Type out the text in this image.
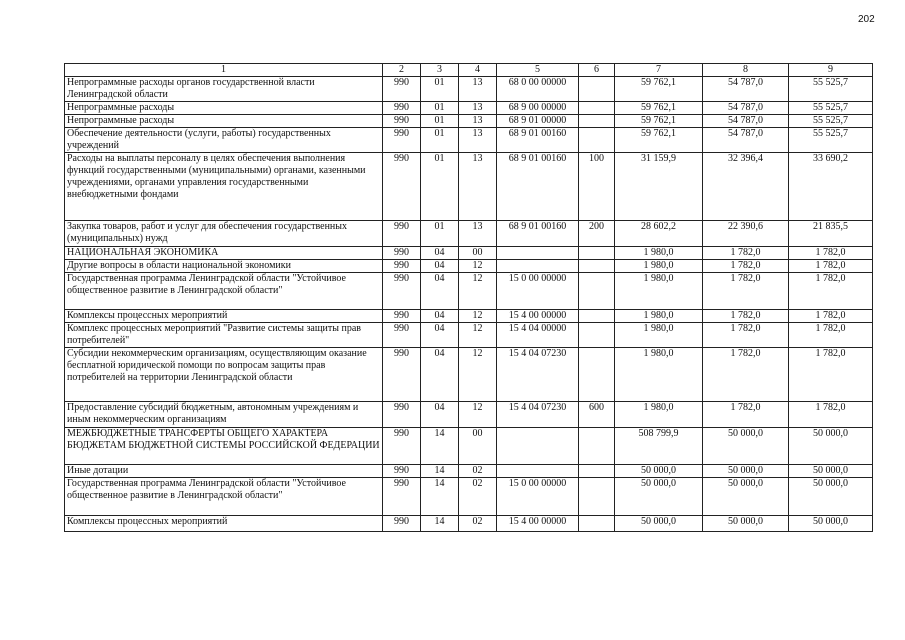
202
1	2	3	4	5	6	7	8	9
Непрограммные расходы органов государственной власти Ленинградской области	990	01	13	68 0 00 00000		59 762,1	54 787,0	55 525,7
Непрограммные расходы	990	01	13	68 9 00 00000		59 762,1	54 787,0	55 525,7
Непрограммные расходы	990	01	13	68 9 01 00000		59 762,1	54 787,0	55 525,7
Обеспечение деятельности (услуги, работы) государственных учреждений	990	01	13	68 9 01 00160		59 762,1	54 787,0	55 525,7
Расходы на выплаты персоналу в целях обеспечения выполнения функций государственными (муниципальными) органами, казенными учреждениями, органами управления государственными внебюджетными фондами	990	01	13	68 9 01 00160	100	31 159,9	32 396,4	33 690,2
Закупка товаров, работ и услуг для обеспечения государственных (муниципальных) нужд	990	01	13	68 9 01 00160	200	28 602,2	22 390,6	21 835,5
НАЦИОНАЛЬНАЯ ЭКОНОМИКА	990	04	00			1 980,0	1 782,0	1 782,0
Другие вопросы в области национальной экономики	990	04	12			1 980,0	1 782,0	1 782,0
Государственная программа Ленинградской области "Устойчивое общественное развитие в Ленинградской области"	990	04	12	15 0 00 00000		1 980,0	1 782,0	1 782,0
Комплексы процессных мероприятий	990	04	12	15 4 00 00000		1 980,0	1 782,0	1 782,0
Комплекс процессных мероприятий "Развитие системы защиты прав потребителей"	990	04	12	15 4 04 00000		1 980,0	1 782,0	1 782,0
Субсидии некоммерческим организациям, осуществляющим оказание бесплатной юридической помощи по вопросам защиты прав потребителей на территории Ленинградской области	990	04	12	15 4 04 07230		1 980,0	1 782,0	1 782,0
Предоставление субсидий бюджетным, автономным учреждениям и иным некоммерческим организациям	990	04	12	15 4 04 07230	600	1 980,0	1 782,0	1 782,0
МЕЖБЮДЖЕТНЫЕ ТРАНСФЕРТЫ ОБЩЕГО ХАРАКТЕРА БЮДЖЕТАМ БЮДЖЕТНОЙ СИСТЕМЫ РОССИЙСКОЙ ФЕДЕРАЦИИ	990	14	00			508 799,9	50 000,0	50 000,0
Иные дотации	990	14	02			50 000,0	50 000,0	50 000,0
Государственная программа Ленинградской области "Устойчивое общественное развитие в Ленинградской области"	990	14	02	15 0 00 00000		50 000,0	50 000,0	50 000,0
Комплексы процессных мероприятий	990	14	02	15 4 00 00000		50 000,0	50 000,0	50 000,0
